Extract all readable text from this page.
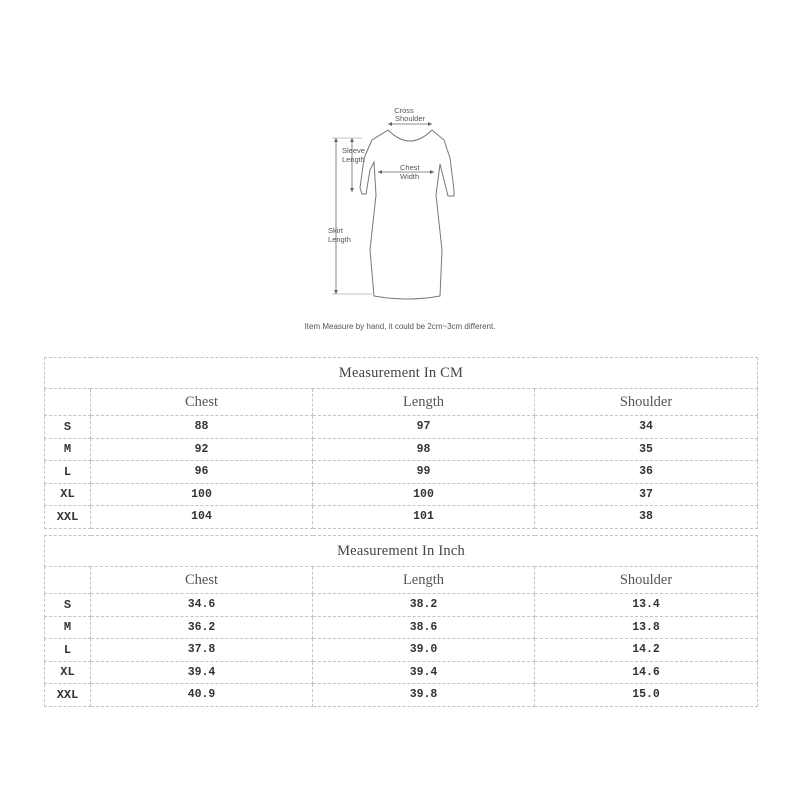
Cross
Shoulder
Sleeve
Length
Chest
Width
Skirt
Length
Item Measure by hand, it could be 2cm~3cm different.
Measurement In CM			
	Chest	Length	Shoulder
S	88	97	34
M	92	98	35
L	96	99	36
XL	100	100	37
XXL	104	101	38
Measurement In Inch			
	Chest	Length	Shoulder
S	34.6	38.2	13.4
M	36.2	38.6	13.8
L	37.8	39.0	14.2
XL	39.4	39.4	14.6
XXL	40.9	39.8	15.0
